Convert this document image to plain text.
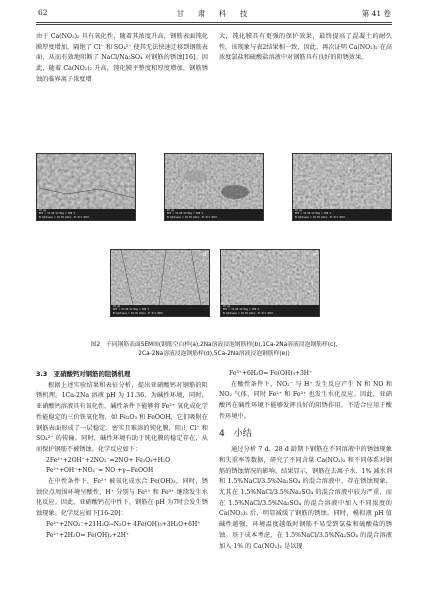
62	甘　肃　科　技	第 41 卷

由于 Ca(NO₂)₂ 具有氧化性，随着其浓度升高，钢筋表面钝化膜厚度增加，隔绝了 Cl⁻ 和 SO₄²⁻ 使其无法快速迁移到钢筋表面，从而有效地阻断了 NaCl/Na₂SO₄ 对钢筋的锈蚀[16]。因此，随着 Ca(NO₂)₂ 升高，钝化膜平整度和厚度增加，钢筋锈蚀的临界离子浓度增

大，钝化膜具有更强的保护效果，最终提高了混凝土的耐久性。该现象与表2结果相一致，因此，再次证明 Ca(NO₂)₂ 在高浓度氯盐和硫酸盐溶液中对钢筋具有良好的阻锈效果。

a
10 μm
EHT = 15.00 kV Mag = 500 X
Brightness = 49.9% Date: 27 Oct 2023
b
10 μm
EHT = 15.00 kV Mag = 500 X
Brightness = 49.9% Date: 27 Oct 2023
c
10 μm
EHT = 15.00 kV Mag = 500 X
Brightness = 49.9% Date: 27 Oct 2023
d
10 μm
EHT = 15.00 kV Mag = 500 X
Brightness = 49.9% Date: 27 Oct 2023
e
10 μm
EHT = 15.00 kV Mag = 500 X
Brightness = 49.9% Date: 27 Oct 2023
图2　不同钢筋表面SEM图(钢筋空白样(a),2Na溶液浸泡钢筋样(b),1Ca-2Na溶液浸泡钢筋样(c),
2Ca-2Na溶液浸泡钢筋样(d),5Ca-2Na溶液浸泡钢筋样(e))
3.3　亚硝酸钙对钢筋的阻锈机理

根据上述实验结果和表征分析，提出亚硝酸钙对钢筋的阻锈机理。1Ca-2Na 溶液 pH 为 11.36，为碱性环境，同时，亚硝酸钙溶液具有氧化性，碱性条件下能够将 Fe²⁺ 氧化成化学性能稳定的三价铁氧化物，如 Fe₂O₃ 和 FeOOH，它们吸附在钢筋表面形成了一层稳定、密实且难溶的钝化膜，阻止 Cl⁻ 和 SO₄²⁻ 的传输。同时，碱性环境有助于钝化膜的稳定存在，从而保护钢筋不被锈蚀。化学反应如下：

2Fe²⁺+2OH⁻+2NO₂⁻=2NO+ Fe₂O₃+H₂O

Fe²⁺+OH⁻+NO₂⁻= NO +γ−FeOOH

在中性条件下，Fe²⁺ 被氧化成水合 Fe(OH)₃，同时，锈蚀位点周围环境呈酸性，H⁺ 分别与 Fe²⁺ 和 Fe³⁺ 继续发生水化反应。因此，亚硝酸钙在中性下，钢筋在 pH 为7时会发生锈蚀现象。化学反应如下[16-20]：

Fe²⁺+2NO₂⁻+21H₂O→N₂O+ 4Fe(OH)₃+3H₂O+6H⁺

Fe²⁺+2H₂O= Fe(OH)₂+2H⁺

Fe³⁺+6H₂O= Fe(OH)₃+3H⁺

在酸性条件下，NO₂⁻ 与 H⁺ 发生反应产生 N 和 NO 和 NO₂ 气体，同时 Fe²⁺ 和 Fe³⁺ 也发生水化反应。因此，亚硝酸钙在碱性环境下能够发挥良好的阻锈作用，不适合应用于酸性环境中。

4　小结

通过分析 7 d、28 d 龄期下钢筋在不同溶液中的锈蚀现象和失重率等数据，研究了不同含量 Ca(NO₂)₂ 和不同体系对钢筋的锈蚀情况的影响。结果显示，钢筋在去离子水、1% 减水剂和 1.5%NaCl/3.5%Na₂SO₄ 的混合溶液中，存在锈蚀现象，尤其在 1.5%NaCl/3.5%Na₂SO₄ 的混合溶液中较为严重，而在 1.5%NaCl/3.5%Na₂SO₄ 的混合溶液中加入不同浓度的 Ca(NO₂)₂ 后，明显减缓了钢筋的锈蚀。同时，模拟液 pH 值碱性越强，环境温度越低时钢筋不易受到氯盐和硫酸盐的锈蚀。基于成本考虑，在 1.5%NaCl/3.5%Na₂SO₄ 的混合溶液加入 1% 的 Ca(NO₂)₂ 是以现
